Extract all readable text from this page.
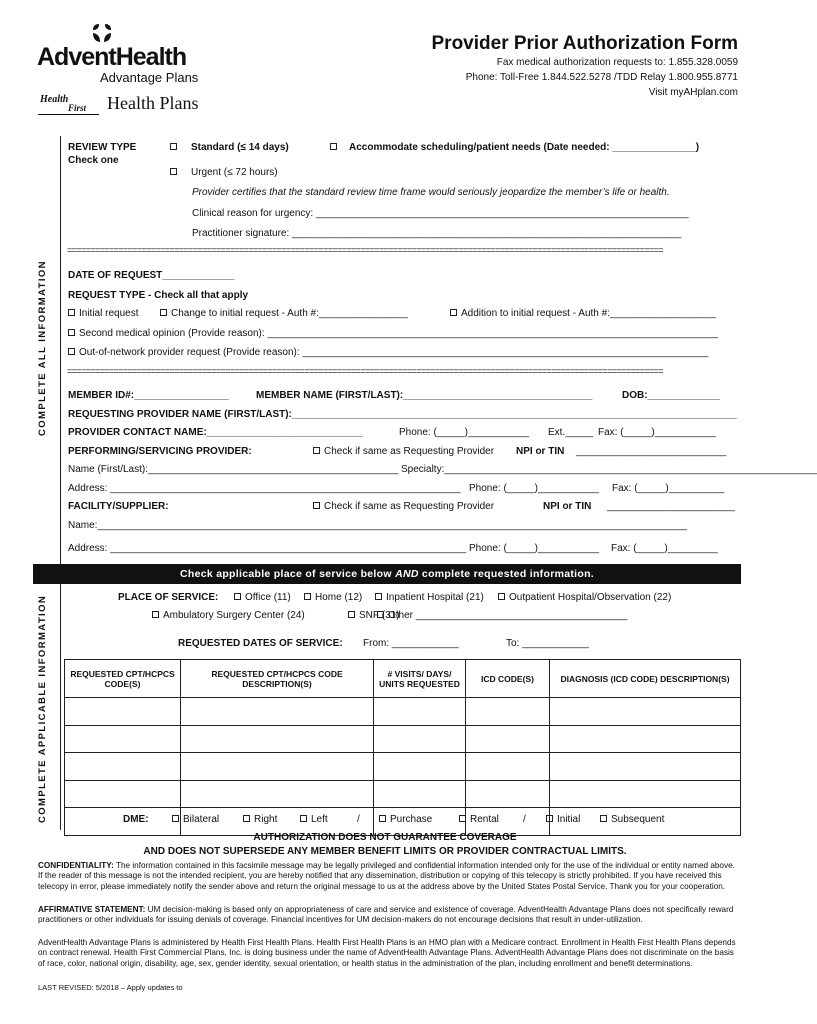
AdventHealth
Advantage Plans
Health
First Health Plans
Provider Prior Authorization Form
Fax medical authorization requests to: 1.855.328.0059
Phone: Toll-Free 1.844.522.5278 /TDD Relay 1.800.955.8771
Visit myAHplan.com
COMPLETE ALL INFORMATION
COMPLETE APPLICABLE INFORMATION
REVIEW TYPE
Check one
Standard (≤ 14 days)	Accommodate scheduling/patient needs (Date needed: _______________)
Urgent (≤ 72 hours)
Provider certifies that the standard review time frame would seriously jeopardize the member’s life or health.
Clinical reason for urgency: ___________________________________________________________________
Practitioner signature: ______________________________________________________________________
================================================================================================================================
DATE OF REQUEST_____________
REQUEST TYPE - Check all that apply
Initial request	Change to initial request - Auth #:________________	Addition to initial request - Auth #:___________________
Second medical opinion (Provide reason): _________________________________________________________________________________
Out-of-network provider request (Provide reason): _________________________________________________________________________
================================================================================================================================
MEMBER ID#:_________________	MEMBER NAME (FIRST/LAST):__________________________________	DOB:_____________
REQUESTING PROVIDER NAME (FIRST/LAST):________________________________________________________________________________
PROVIDER CONTACT NAME:____________________________	Phone: (_____)___________ Ext._____ Fax: (_____)___________
PERFORMING/SERVICING PROVIDER:	Check if same as Requesting Provider NPI or TIN ___________________________
Name (First/Last):_____________________________________________ Specialty:___________________________________________________________________
Address: _______________________________________________________________ Phone: (_____)___________ Fax: (_____)__________
FACILITY/SUPPLIER:	Check if same as Requesting Provider	NPI or TIN _______________________
Name:__________________________________________________________________________________________________________
Address: ________________________________________________________________ Phone: (_____)___________ Fax: (_____)_________
Check applicable place of service below AND complete requested information.
PLACE OF SERVICE:	Office (11)	Home (12)	Inpatient Hospital (21)	Outpatient Hospital/Observation (22)
Ambulatory Surgery Center (24)	SNF (31)
Other ______________________________________
REQUESTED DATES OF SERVICE: From: ____________	To: ____________
REQUESTED CPT/HCPCS CODE(S)	REQUESTED CPT/HCPCS CODE DESCRIPTION(S)	# VISITS/ DAYS/ UNITS REQUESTED	ICD CODE(S)	DIAGNOSIS (ICD CODE) DESCRIPTION(S)

DME:	Bilateral	Right	Left	/	Purchase	Rental /	Initial	Subsequent
AUTHORIZATION DOES NOT GUARANTEE COVERAGE
AND DOES NOT SUPERSEDE ANY MEMBER BENEFIT LIMITS OR PROVIDER CONTRACTUAL LIMITS.
CONFIDENTIALITY: The information contained in this facsimile message may be legally privileged and confidential information intended only for the use of the individual or entity named above. If the reader of this message is not the intended recipient, you are hereby notified that any dissemination, distribution or copying of this telecopy is strictly prohibited. If you have received this telecopy in error, please immediately notify the sender above and return the original message to us at the address above by the United States Postal Service. Thank you for your cooperation.
AFFIRMATIVE STATEMENT: UM decision-making is based only on appropriateness of care and service and existence of coverage. AdventHealth Advantage Plans does not specifically reward practitioners or other individuals for issuing denials of coverage. Financial incentives for UM decision-makers do not encourage decisions that result in under-utilization.
AdventHealth Advantage Plans is administered by Health First Health Plans. Health First Health Plans is an HMO plan with a Medicare contract. Enrollment in Health First Health Plans depends on contract renewal. Health First Commercial Plans, Inc. is doing business under the name of AdventHealth Advantage Plans. AdventHealth Advantage Plans does not discriminate on the basis of race, color, national origin, disability, age, sex, gender identity, sexual orientation, or health status in the administration of the plan, including enrollment and benefit determinations.
LAST REVISED: 5/2018 – Apply updates to
